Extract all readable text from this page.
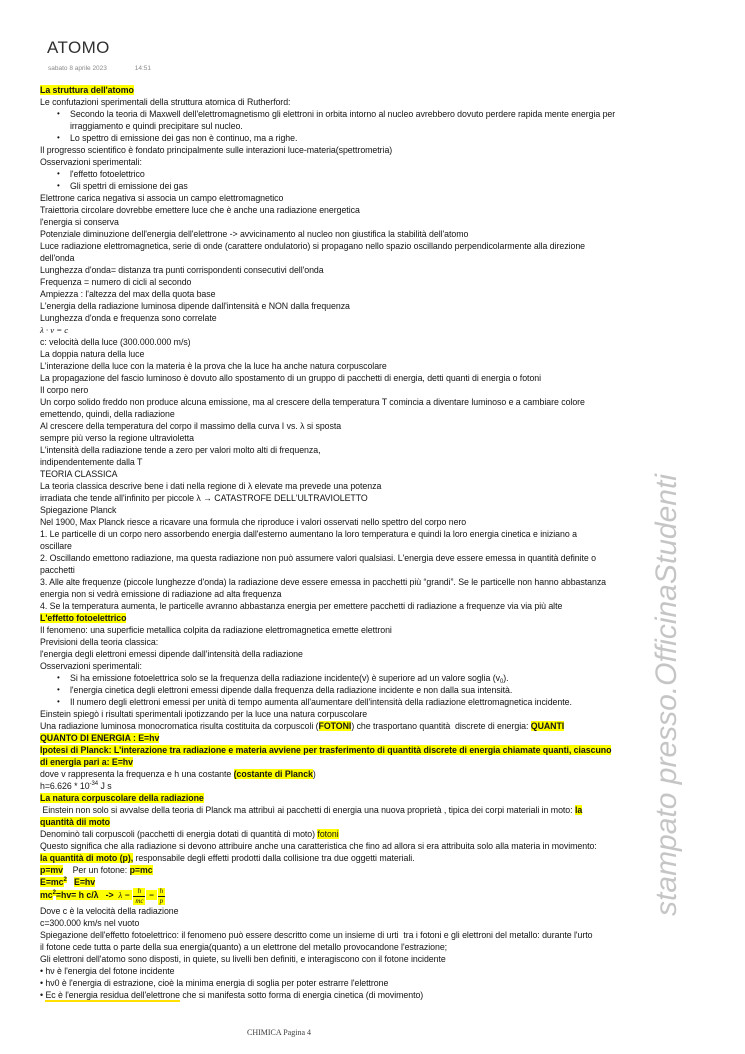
ATOMO
sabato 8 aprile 2023	14:51
La struttura dell'atomo
Le confutazioni sperimentali della struttura atomica di Rutherford:
• Secondo la teoria di Maxwell dell'elettromagnetismo gli elettroni in orbita intorno al nucleo avrebbero dovuto perdere rapida mente energia per
irraggiamento e quindi precipitare sul nucleo.
• Lo spettro di emissione dei gas non è continuo, ma a righe.
Il progresso scientifico è fondato principalmente sulle interazioni luce-materia(spettrometria)
Osservazioni sperimentali:
• l'effetto fotoelettrico
• Gli spettri di emissione dei gas
Elettrone carica negativa si associa un campo elettromagnetico
Traiettoria circolare dovrebbe emettere luce che è anche una radiazione energetica
l'energia si conserva
Potenziale diminuzione dell'energia dell'elettrone -> avvicinamento al nucleo non giustifica la stabilità dell'atomo
Luce radiazione elettromagnetica, serie di onde (carattere ondulatorio) si propagano nello spazio oscillando perpendicolarmente alla direzione
dell'onda
Lunghezza d'onda= distanza tra punti corrispondenti consecutivi dell'onda
Frequenza = numero di cicli al secondo
Ampiezza : l'altezza del max della quota base
L'energia della radiazione luminosa dipende dall'intensità e NON dalla frequenza
Lunghezza d'onda e frequenza sono correlate
λ · ν = c
c: velocità della luce (300.000.000 m/s)
La doppia natura della luce
L'interazione della luce con la materia è la prova che la luce ha anche natura corpuscolare
La propagazione del fascio luminoso è dovuto allo spostamento di un gruppo di pacchetti di energia, detti quanti di energia o fotoni
Il corpo nero
Un corpo solido freddo non produce alcuna emissione, ma al crescere della temperatura T comincia a diventare luminoso e a cambiare colore
emettendo, quindi, della radiazione
Al crescere della temperatura del corpo il massimo della curva I vs. λ si sposta
sempre più verso la regione ultravioletta
L'intensità della radiazione tende a zero per valori molto alti di frequenza,
indipendentemente dalla T
TEORIA CLASSICA
La teoria classica descrive bene i dati nella regione di λ elevate ma prevede una potenza
irradiata che tende all'infinito per piccole λ → CATASTROFE DELL'ULTRAVIOLETTO
Spiegazione Planck
Nel 1900, Max Planck riesce a ricavare una formula che riproduce i valori osservati nello spettro del corpo nero
1. Le particelle di un corpo nero assorbendo energia dall'esterno aumentano la loro temperatura e quindi la loro energia cinetica e iniziano a
oscillare
2. Oscillando emettono radiazione, ma questa radiazione non può assumere valori qualsiasi. L'energia deve essere emessa in quantità definite o
pacchetti
3. Alle alte frequenze (piccole lunghezze d'onda) la radiazione deve essere emessa in pacchetti più “grandi”. Se le particelle non hanno abbastanza
energia non si vedrà emissione di radiazione ad alta frequenza
4. Se la temperatura aumenta, le particelle avranno abbastanza energia per emettere pacchetti di radiazione a frequenze via via più alte
L'effetto fotoelettrico
Il fenomeno: una superficie metallica colpita da radiazione elettromagnetica emette elettroni
Previsioni della teoria classica:
l'energia degli elettroni emessi dipende dall'intensità della radiazione
Osservazioni sperimentali:
• Si ha emissione fotoelettrica solo se la frequenza della radiazione incidente(v) è superiore ad un valore soglia $(v_0)$.
• l'energia cinetica degli elettroni emessi dipende dalla frequenza della radiazione incidente e non dalla sua intensità.
• Il numero degli elettroni emessi per unità di tempo aumenta all'aumentare dell'intensità della radiazione elettromagnetica incidente.
Einstein spiegò i risultati sperimentali ipotizzando per la luce una natura corpuscolare
Una radiazione luminosa monocromatica risulta costituita da corpuscoli (FOTONI) che trasportano quantità  discrete di energia: QUANTI
QUANTO DI ENERGIA : E=hv
Ipotesi di Planck: L'interazione tra radiazione e materia avviene per trasferimento di quantità discrete di energia chiamate quanti, ciascuno
di energia pari a: E=hv
dove v rappresenta la frequenza e h una costante (costante di Planck)
$h=6.626 * 10^{-34}$ J s
La natura corpuscolare della radiazione
Einstein non solo si avvalse della teoria di Planck ma attribuì ai pacchetti di energia una nuova proprietà , tipica dei corpi materiali in moto: la
quantità dii moto
Denominò tali corpuscoli (pacchetti di energia dotati di quantità di moto) fotoni
Questo significa che alla radiazione si devono attribuire anche una caratteristica che fino ad allora si era attribuita solo alla materia in movimento:
la quantità di moto (p), responsabile degli effetti prodotti dalla collisione tra due oggetti materiali.
p=mv    Per un fotone: p=mc
$E=mc^2$ E=hv
$mc^2=hv= h$ $c/\lambda -> \lambda = \frac{h}{mc} = \frac{h}{p}$
Dove c è la velocità della radiazione
c=300.000 km/s nel vuoto
Spiegazione dell'effetto fotoelettrico: il fenomeno può essere descritto come un insieme di urti  tra i fotoni e gli elettroni del metallo: durante l'urto
il fotone cede tutta o parte della sua energia(quanto) a un elettrone del metallo provocandone l'estrazione;
Gli elettroni dell'atomo sono disposti, in quiete, su livelli ben definiti, e interagiscono con il fotone incidente
• hν è l'energia del fotone incidente
• hν0 è l'energia di estrazione, cioè la minima energia di soglia per poter estrarre l'elettrone
• Ec è l'energia residua dell'elettrone che si manifesta sotto forma di energia cinetica (di movimento)
stampato presso.OfficinaStudenti
CHIMICA Pagina 4
